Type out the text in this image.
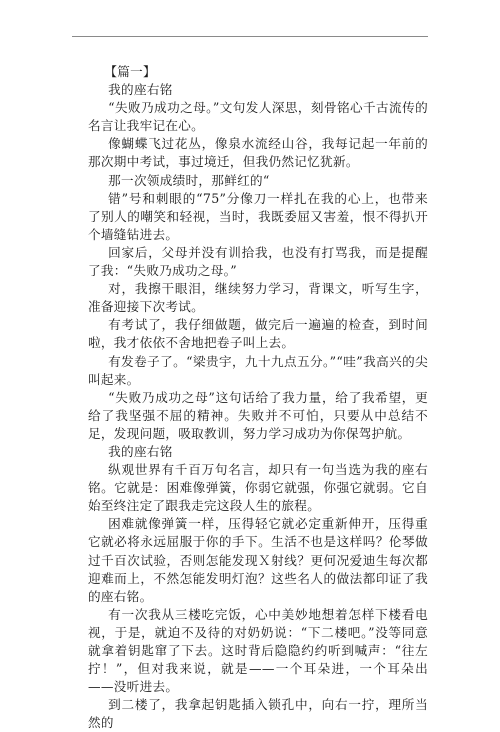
【篇一】

我的座右铭

“失败乃成功之母。”文句发人深思，刻骨铭心千古流传的名言让我牢记在心。

像蝴蝶飞过花丛，像泉水流经山谷，我每记起一年前的那次期中考试，事过境迁，但我仍然记忆犹新。

那一次领成绩时，那鲜红的“

错”号和刺眼的“75”分像刀一样扎在我的心上，也带来了别人的嘲笑和轻视，当时，我既委屈又害羞，恨不得扒开个墙缝钻进去。

回家后，父母并没有训拾我，也没有打骂我，而是提醒了我：“失败乃成功之母。”

对，我擦干眼泪，继续努力学习，背课文，听写生字，准备迎接下次考试。

有考试了，我仔细做题，做完后一遍遍的检查，到时间啦，我才依依不舍地把卷子叫上去。

有发卷子了。“梁贵宇，九十九点五分。”“哇”我高兴的尖叫起来。

“失败乃成功之母”这句话给了我力量，给了我希望，更给了我坚强不屈的精神。失败并不可怕，只要从中总结不足，发现问题，吸取教训，努力学习成功为你保驾护航。

我的座右铭

纵观世界有千百万句名言，却只有一句当选为我的座右铭。它就是：困难像弹簧，你弱它就强，你强它就弱。它自始至终注定了跟我走完这段人生的旅程。

困难就像弹簧一样，压得轻它就必定重新伸开，压得重它就必将永远屈服于你的手下。生活不也是这样吗？伦琴做过千百次试验，否则怎能发现Ｘ射线？更何况爱迪生每次都迎难而上，不然怎能发明灯泡？这些名人的做法都印证了我的座右铭。

有一次我从三楼吃完饭，心中美妙地想着怎样下楼看电视，于是，就迫不及待的对奶奶说：“下二楼吧。”没等同意就拿着钥匙窜了下去。这时背后隐隐约约听到喊声：“往左拧！”，但对我来说，就是——一个耳朵进，一个耳朵出——没听进去。

到二楼了，我拿起钥匙插入锁孔中，向右一拧，理所当然的
